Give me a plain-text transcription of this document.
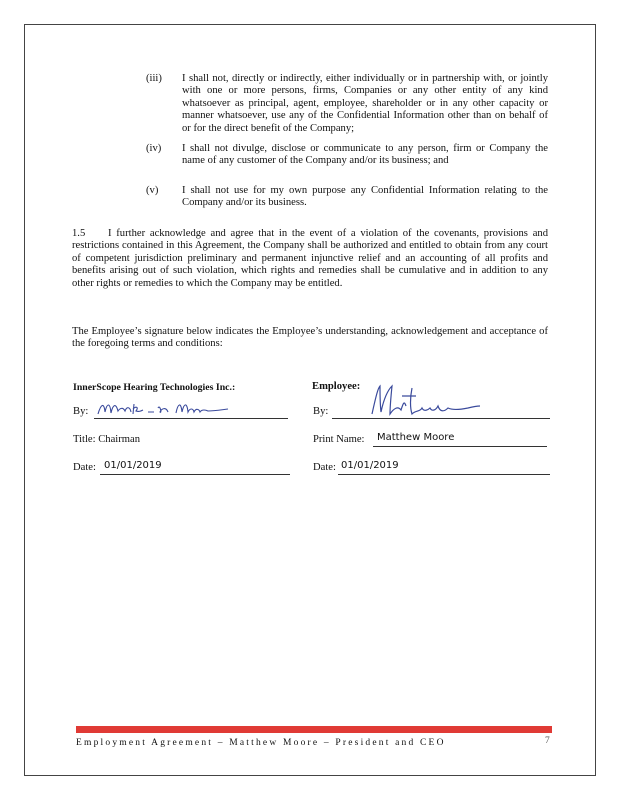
(iii)	I shall not, directly or indirectly, either individually or in partnership with, or jointly with one or more persons, firms, Companies or any other entity of any kind whatsoever as principal, agent, employee, shareholder or in any other capacity or manner whatsoever, use any of the Confidential Information other than on behalf of or for the direct benefit of the Company;
(iv)	I shall not divulge, disclose or communicate to any person, firm or Company the name of any customer of the Company and/or its business; and
(v)	I shall not use for my own purpose any Confidential Information relating to the Company and/or its business.
1.5 I further acknowledge and agree that in the event of a violation of the covenants, provisions and restrictions contained in this Agreement, the Company shall be authorized and entitled to obtain from any court of competent jurisdiction preliminary and permanent injunctive relief and an accounting of all profits and benefits arising out of such violation, which rights and remedies shall be cumulative and in addition to any other rights or remedies to which the Company may be entitled.
The Employee’s signature below indicates the Employee’s understanding, acknowledgement and acceptance of the foregoing terms and conditions:
InnerScope Hearing Technologies Inc.:
By:
Title: Chairman
Date: 01/01/2019
Employee:
By:
Print Name: Matthew Moore
Date: 01/01/2019
Employment Agreement – Matthew Moore – President and CEO	7
